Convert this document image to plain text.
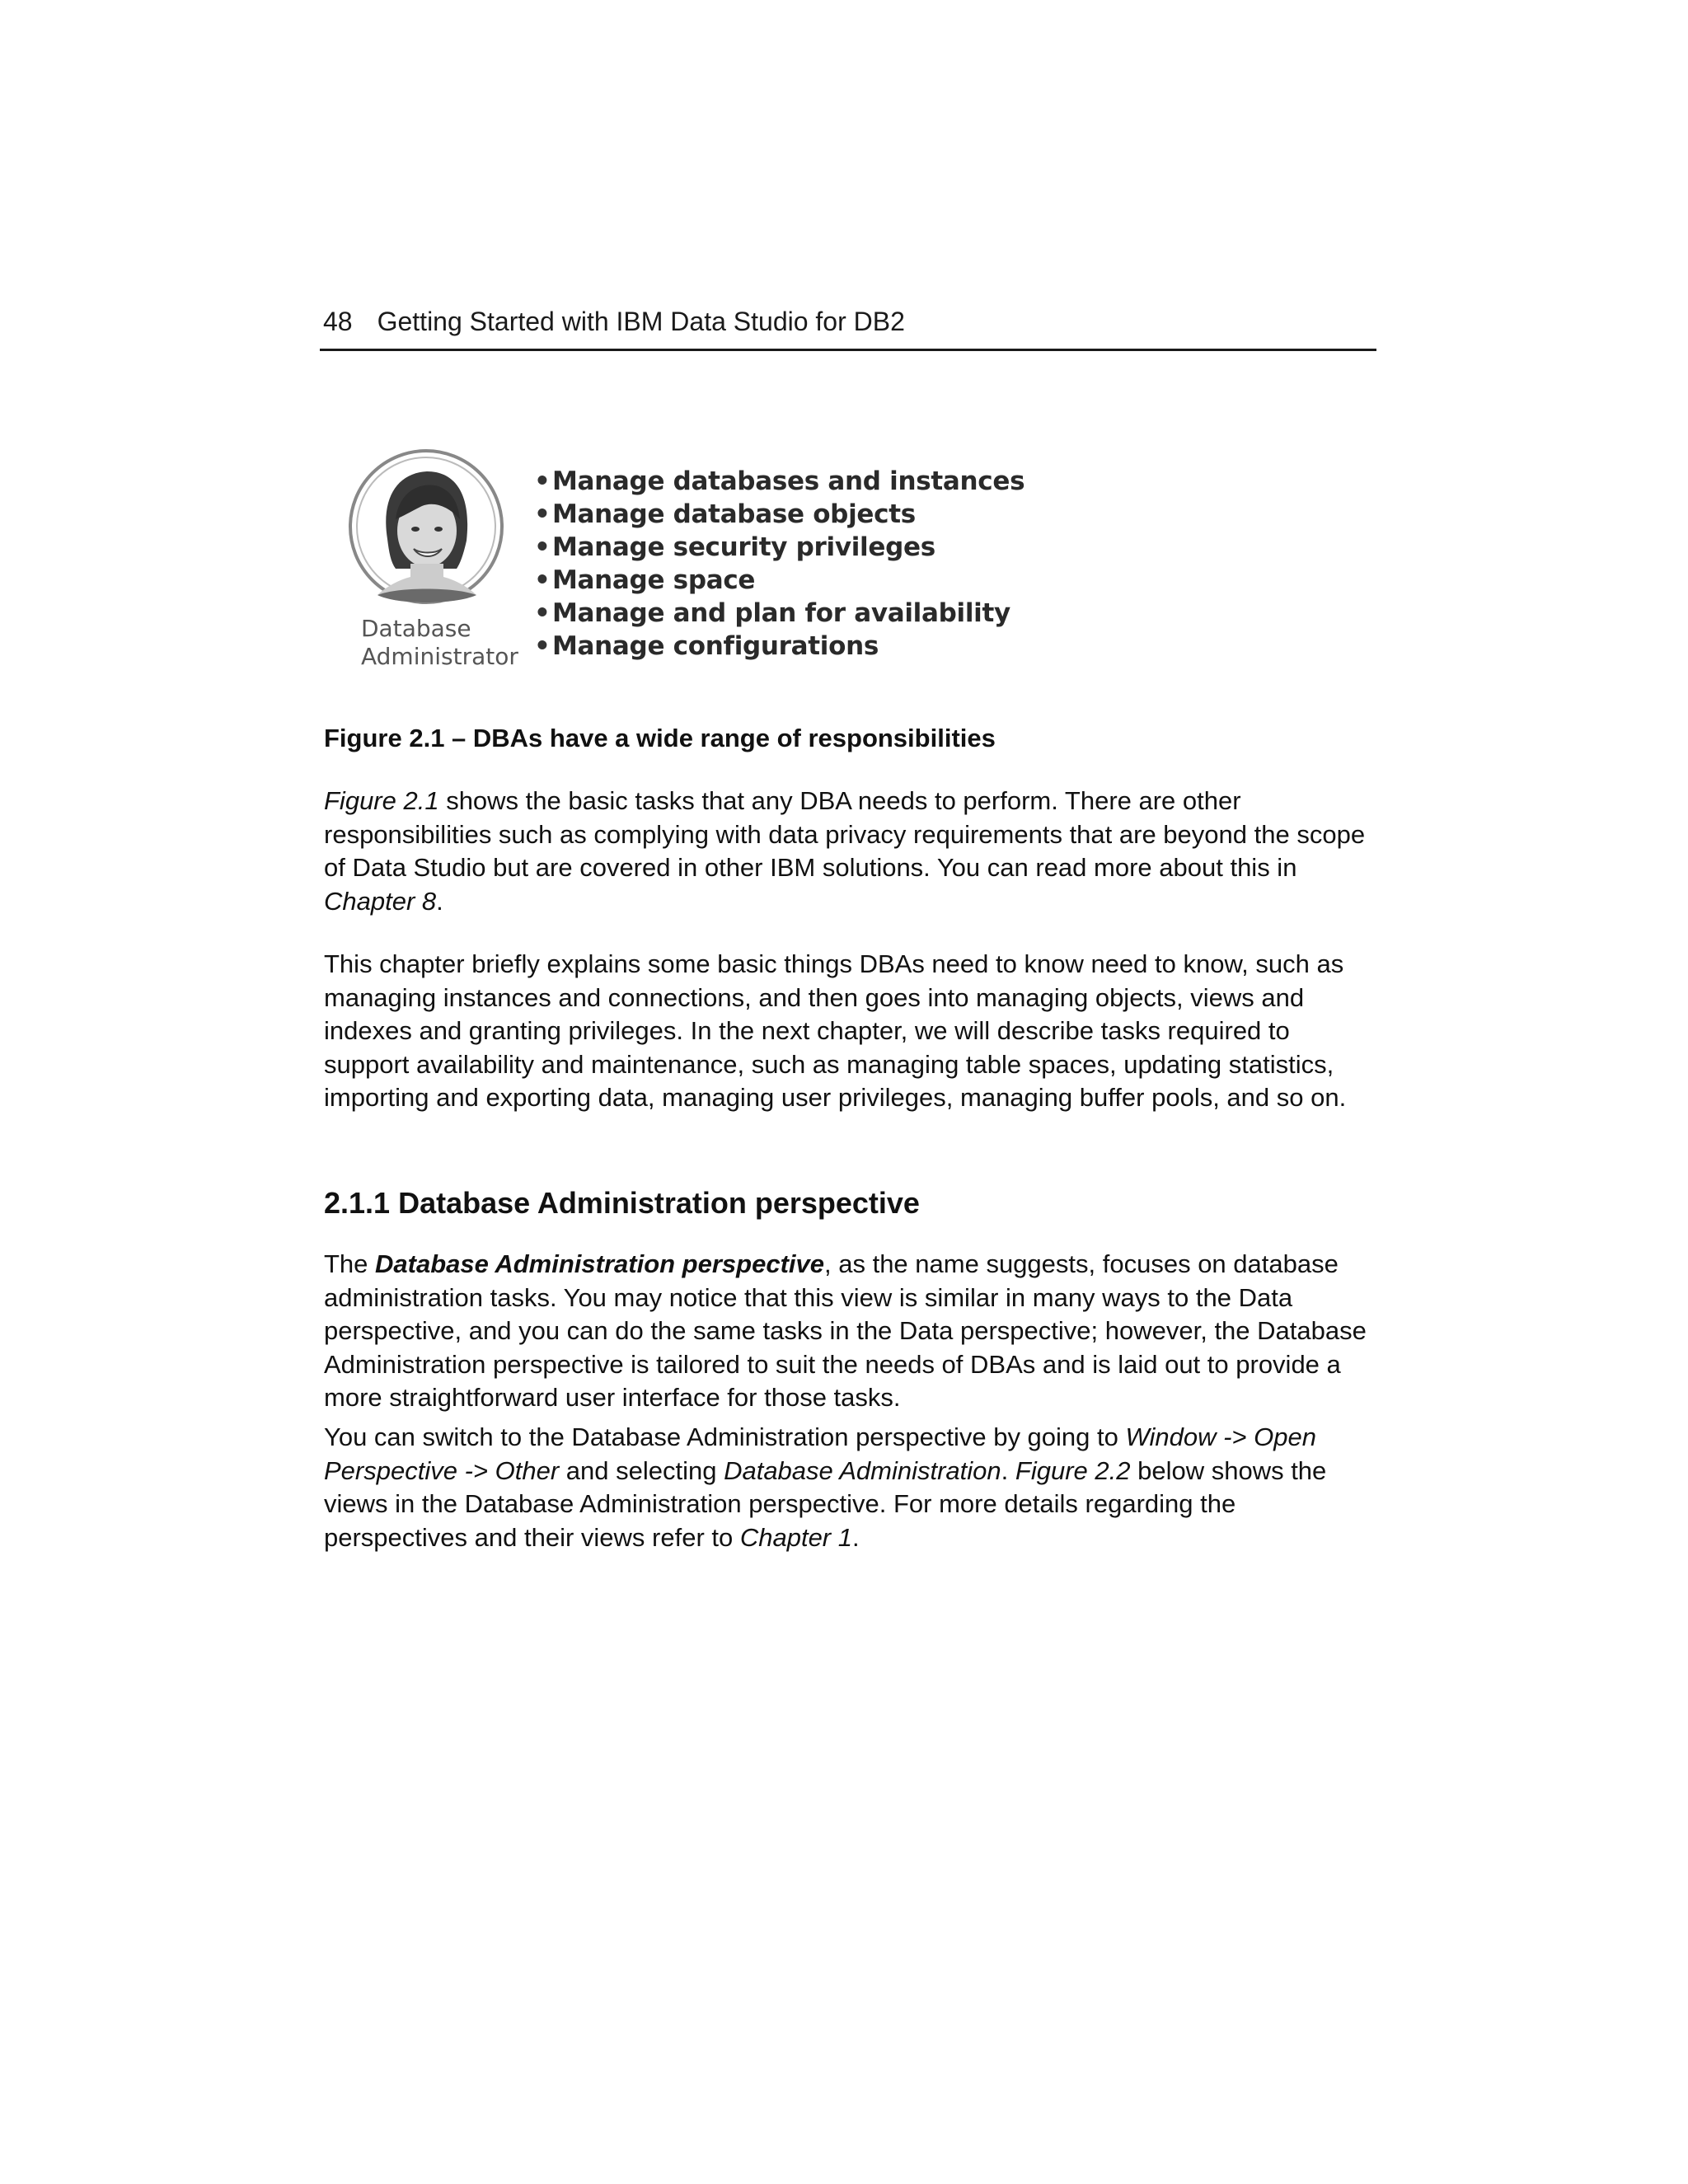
48 Getting Started with IBM Data Studio for DB2
Database
Administrator
•Manage databases and instances
•Manage database objects
•Manage security privileges
•Manage space
•Manage and plan for availability
•Manage configurations
Figure 2.1 – DBAs have a wide range of responsibilities

Figure 2.1 shows the basic tasks that any DBA needs to perform. There are other responsibilities such as complying with data privacy requirements that are beyond the scope of Data Studio but are covered in other IBM solutions. You can read more about this in Chapter 8.

This chapter briefly explains some basic things DBAs need to know need to know, such as managing instances and connections, and then goes into managing objects, views and indexes and granting privileges. In the next chapter, we will describe tasks required to support availability and maintenance, such as managing table spaces, updating statistics, importing and exporting data, managing user privileges, managing buffer pools, and so on.

2.1.1 Database Administration perspective

The Database Administration perspective, as the name suggests, focuses on database administration tasks. You may notice that this view is similar in many ways to the Data perspective, and you can do the same tasks in the Data perspective; however, the Database Administration perspective is tailored to suit the needs of DBAs and is laid out to provide a more straightforward user interface for those tasks.

You can switch to the Database Administration perspective by going to Window -> Open Perspective -> Other and selecting Database Administration. Figure 2.2 below shows the views in the Database Administration perspective. For more details regarding the perspectives and their views refer to Chapter 1.
